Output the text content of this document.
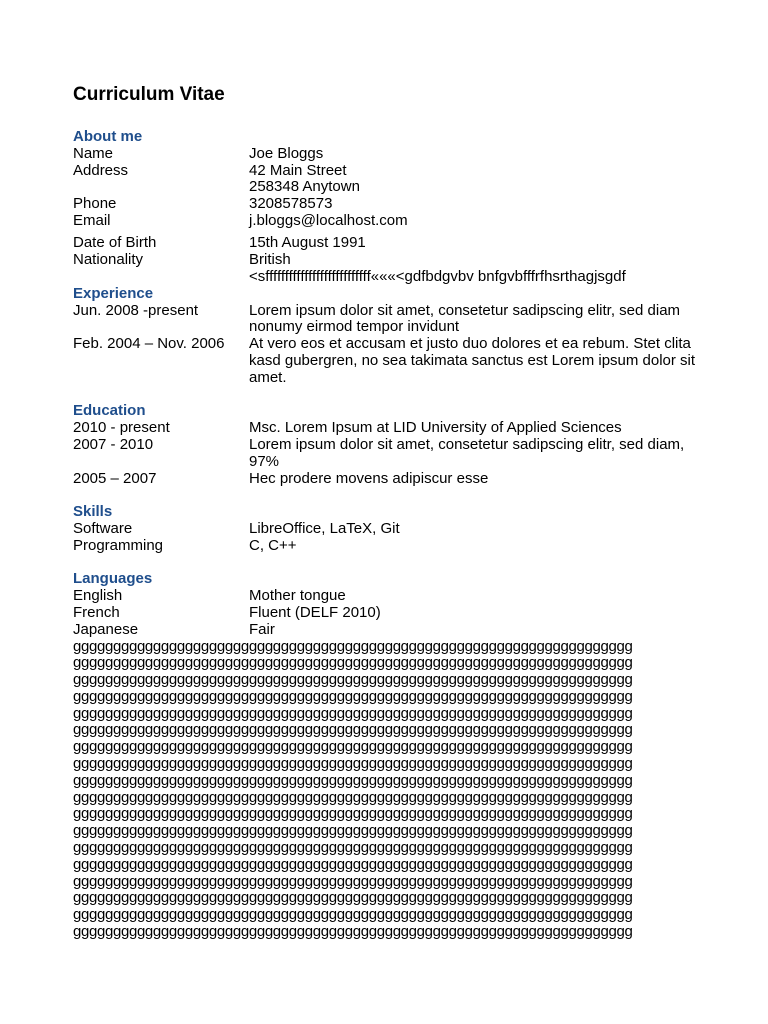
Curriculum Vitae
About me
Name	Joe Bloggs
Address	42 Main Street
258348 Anytown
Phone	3208578573
Email	j.bloggs@localhost.com
Date of Birth	15th August 1991
Nationality	British
<sfffffffffffffffffffffffffff«««<gdfbdgvbv bnfgvbfffrfhsrthagjsgdf
Experience
Jun. 2008 -present	Lorem ipsum dolor sit amet, consetetur sadipscing elitr, sed diam nonumy eirmod tempor invidunt
Feb. 2004 – Nov. 2006	At vero eos et accusam et justo duo dolores et ea rebum. Stet clita kasd gubergren, no sea takimata sanctus est Lorem ipsum dolor sit amet.
Education
2010 - present	Msc. Lorem Ipsum at LID University of Applied Sciences
2007 - 2010	Lorem ipsum dolor sit amet, consetetur sadipscing elitr, sed diam, 97%
2005 – 2007	Hec prodere movens adipiscur esse
Skills
Software	LibreOffice, LaTeX, Git
Programming	C, C++
Languages
English	Mother tongue
French	Fluent (DELF 2010)
Japanese	Fair
gggggggggggggggggggggggggggggggggggggggggggggggggggggggggggggggggggggg
gggggggggggggggggggggggggggggggggggggggggggggggggggggggggggggggggggggg
gggggggggggggggggggggggggggggggggggggggggggggggggggggggggggggggggggggg
gggggggggggggggggggggggggggggggggggggggggggggggggggggggggggggggggggggg
gggggggggggggggggggggggggggggggggggggggggggggggggggggggggggggggggggggg
gggggggggggggggggggggggggggggggggggggggggggggggggggggggggggggggggggggg
gggggggggggggggggggggggggggggggggggggggggggggggggggggggggggggggggggggg
gggggggggggggggggggggggggggggggggggggggggggggggggggggggggggggggggggggg
gggggggggggggggggggggggggggggggggggggggggggggggggggggggggggggggggggggg
gggggggggggggggggggggggggggggggggggggggggggggggggggggggggggggggggggggg
gggggggggggggggggggggggggggggggggggggggggggggggggggggggggggggggggggggg
gggggggggggggggggggggggggggggggggggggggggggggggggggggggggggggggggggggg
gggggggggggggggggggggggggggggggggggggggggggggggggggggggggggggggggggggg
gggggggggggggggggggggggggggggggggggggggggggggggggggggggggggggggggggggg
gggggggggggggggggggggggggggggggggggggggggggggggggggggggggggggggggggggg
gggggggggggggggggggggggggggggggggggggggggggggggggggggggggggggggggggggg
gggggggggggggggggggggggggggggggggggggggggggggggggggggggggggggggggggggg
gggggggggggggggggggggggggggggggggggggggggggggggggggggggggggggggggggggg
